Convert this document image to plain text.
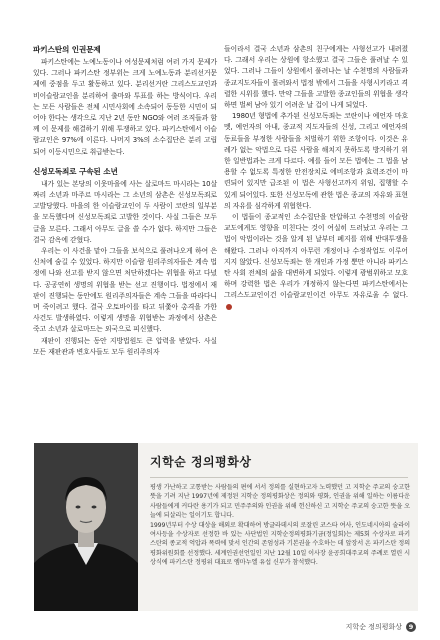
파키스탄의 인권문제

파키스탄에는 노예노동이나 여성문제처럼 여러 가지 문제가 있다. 그러나 파키스탄 정부위는 크게 노예노동과 분리선거문제에 중점을 두고 활동하고 있다. 분리선거란 그리스도교인과 비이슬람교인을 분리하여 출마와 투표를 하는 방식이다. 우리는 모든 사람들은 전체 시민사회에 소속되어 동등한 시민이 되어야 한다는 생각으로 지난 2년 동안 NGO와 여러 조직들과 함께 이 문제를 해결하기 위해 투쟁하고 있다. 파키스탄에서 이슬람교인은 97%에 이른다. 나머지 3%의 소수집단은 분리 고립되어 이등시민으로 취급받는다.

신성모독죄로 구속된 소년

내가 있는 본당의 이웃마을에 사는 살로마드 마시라는 10살짜리 소년과 마주르 마시라는 그 소년의 삼촌은 신성모독죄로 고발당했다. 마을의 한 이슬람교인이 두 사람이 코란의 일부분을 모독했다며 신성모독죄로 고발한 것이다. 사실 그들은 모두 글을 모른다. 그래서 아무도 글을 쓸 수가 없다. 하지만 그들은 결국 감옥에 갇혔다.

우리는 이 사건을 맡아 그들을 보석으로 풀려나오게 하여 은신처에 숨길 수 있었다. 하지만 이슬람 원리주의자들은 계속 법정에 나와 선고를 받지 않으면 처단하겠다는 위협을 하고 다녔다. 공공연히 생명의 위협을 받는 선고 진행이다. 법정에서 재판이 진행되는 동안에도 원리주의자들은 계속 그들을 따라다니며 죽이려고 했다. 결국 오토바이를 타고 뒤쫓아 총격을 가한 사건도 발생하였다. 이렇게 생명을 위협받는 과정에서 삼촌은 죽고 소년과 살로마드는 외국으로 피신했다.

재판이 진행되는 동안 지방법원도 큰 압력을 받았다. 사실 모든 재판관과 변호사들도 모두 원리주의자

들이라서 결국 소년과 삼촌의 친구에게는 사형선고가 내려졌다. 그래서 우리는 상원에 항소했고 결국 그들은 풀려날 수 있었다. 그러나 그들이 상원에서 풀려나는 날 수천명의 사람들과 종교지도자들이 몰려와서 법정 밖에서 그들을 사형시키라고 격렬한 시위를 했다. 만약 그들을 고발한 종교인들의 위협을 생각하면 벌써 남아 있기 어려운 날 겁이 나게 되었다.

1980년 형법에 추가된 신성모독죄는 코란이나 예언자 마호멧, 예언자의 아내, 종교적 지도자들의 신성, 그리고 예언자의 동료들을 부정한 사람들을 처벌하기 위한 조항이다. 이것은 유례가 없는 악법으로 다른 사람을 해치지 못하도록 방지하기 위한 일반법과는 크게 다르다. 예를 들어 모든 법에는 그 법을 남용할 수 없도록 특정한 안전장치로 에비조항과 효력조건이 마련되어 있지만 급조된 이 법은 사형선고까지 위임, 집행할 수 있게 되어있다. 또한 신성모독에 관한 법은 종교의 자유와 표현의 자유를 심각하게 위협한다.

이 법들이 종교적인 소수집단을 탄압하고 수천명의 이슬람교도에게도 영향을 미친다는 것이 여실히 드러났고 우리는 그 법이 악법이라는 것을 알게 된 날부터 폐지를 위해 반대투쟁을 해왔다. 그러나 아직까지 아무런 개정이나 수정작업도 이루어지지 않았다. 신성모독죄는 한 개인과 가정 뿐만 아니라 파키스탄 사회 전체의 삶을 대변하게 되었다. 이렇게 광범위하고 모호하며 강력한 법은 우리가 개정하지 않는다면 파키스탄에서는 그리스도교인이건 이슬람교인이건 아무도 자유로울 수 없다.

지학순 정의평화상

평생 가난하고 고통받는 사람들의 편에 서서 정의를 실현하고자 노력했던 고 지학순 주교의 숭고한 뜻을 기려 지난 1997년에 제정된 지학순 정의평화상은 정의와 평화, 인권을 위해 일하는 이름다운 사람들에게 커다란 용기가 되고 민주주의와 인권을 위해 헌신하신 고 지학순 주교의 숭고한 뜻을 오늘에 되살리는 일이기도 합니다.

1999년부터 수상 대상을 해외로 확대하여 방글라데시의 로잘린 코스타 여사, 인도네시아의 술라이 여사등을 수상자로 선정한 바 있는 사단법인 지학순정의평화기금(정일회)는 제5회 수상자로 파키스탄의 종교적 억압과 폭력에 맞서 인간의 존엄성과 기본권을 수호하는 데 앞장서 온 파키스탄 정의평화위원회를 선정했다. 세계인권선언일인 지난 12월 10일 이사장 윤공희대주교의 주례로 열린 시상식에 파키스탄 정평위 대표로 엠마누엘 유섭 신부가 참석했다.

지학순 정의평화상	9
